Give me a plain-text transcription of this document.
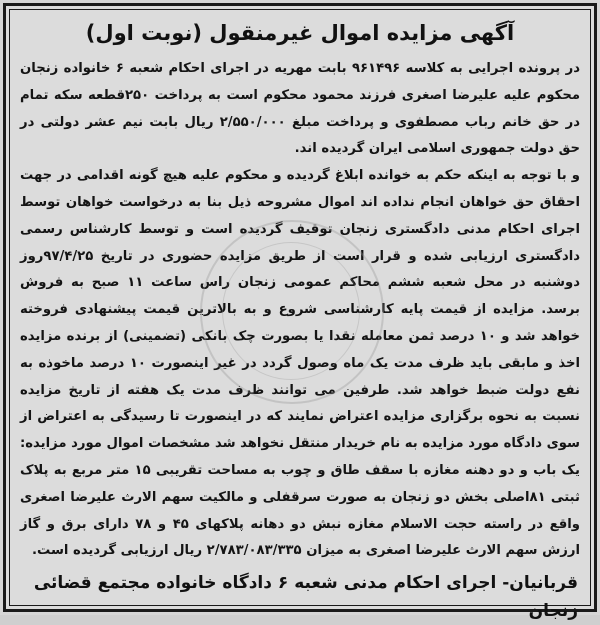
آگهی مزایده اموال غیرمنقول (نوبت اول)

در پرونده اجرایی به کلاسه ۹۶۱۴۹۶ بابت مهریه در اجرای احکام شعبه ۶ خانواده زنجان محکوم علیه علیرضا اصغری فرزند محمود محکوم است به پرداخت ۲۵۰قطعه سکه تمام در حق خانم رباب مصطفوی و پرداخت مبلغ ۲/۵۵۰/۰۰۰ ریال بابت نیم عشر دولتی در حق دولت جمهوری اسلامی ایران گردیده اند.

و با توجه به اینکه حکم به خوانده ابلاغ گردیده و محکوم علیه هیچ گونه اقدامی در جهت احقاق حق خواهان انجام نداده اند اموال مشروحه ذیل بنا به درخواست خواهان توسط اجرای احکام مدنی دادگستری زنجان توقیف گردیده است و توسط کارشناس رسمی دادگستری ارزیابی شده و قرار است از طریق مزایده حضوری در تاریخ ۹۷/۴/۲۵روز دوشنبه در محل شعبه ششم محاکم عمومی زنجان راس ساعت ۱۱ صبح به فروش برسد. مزایده از قیمت پایه کارشناسی شروع و به بالاترین قیمت پیشنهادی فروخته خواهد شد و ۱۰ درصد ثمن معامله نقدا یا بصورت چک بانکی (تضمینی) از برنده مزایده اخذ و مابقی باید ظرف مدت یک ماه وصول گردد در غیر اینصورت ۱۰ درصد ماخوذه به نفع دولت ضبط خواهد شد. طرفین می توانند ظرف مدت یک هفته از تاریخ مزایده نسبت به نحوه برگزاری مزایده اعتراض نمایند که در اینصورت تا رسیدگی به اعتراض از سوی دادگاه مورد مزایده به نام خریدار منتقل نخواهد شد مشخصات اموال مورد مزایده: یک باب و دو دهنه مغازه با سقف طاق و چوب به مساحت تقریبی ۱۵ متر مربع به پلاک ثبتی ۸۱اصلی بخش دو زنجان به صورت سرقفلی و مالکیت سهم الارث علیرضا اصغری واقع در راسته حجت الاسلام مغازه نبش دو دهانه پلاکهای ۴۵ و ۷۸ دارای برق و گاز ارزش سهم الارث علیرضا اصغری به میزان ۲/۷۸۳/۰۸۳/۳۳۵ ریال ارزیابی گردیده است.

قربانیان- اجرای احکام مدنی شعبه ۶ دادگاه خانواده مجتمع قضائی زنجان
